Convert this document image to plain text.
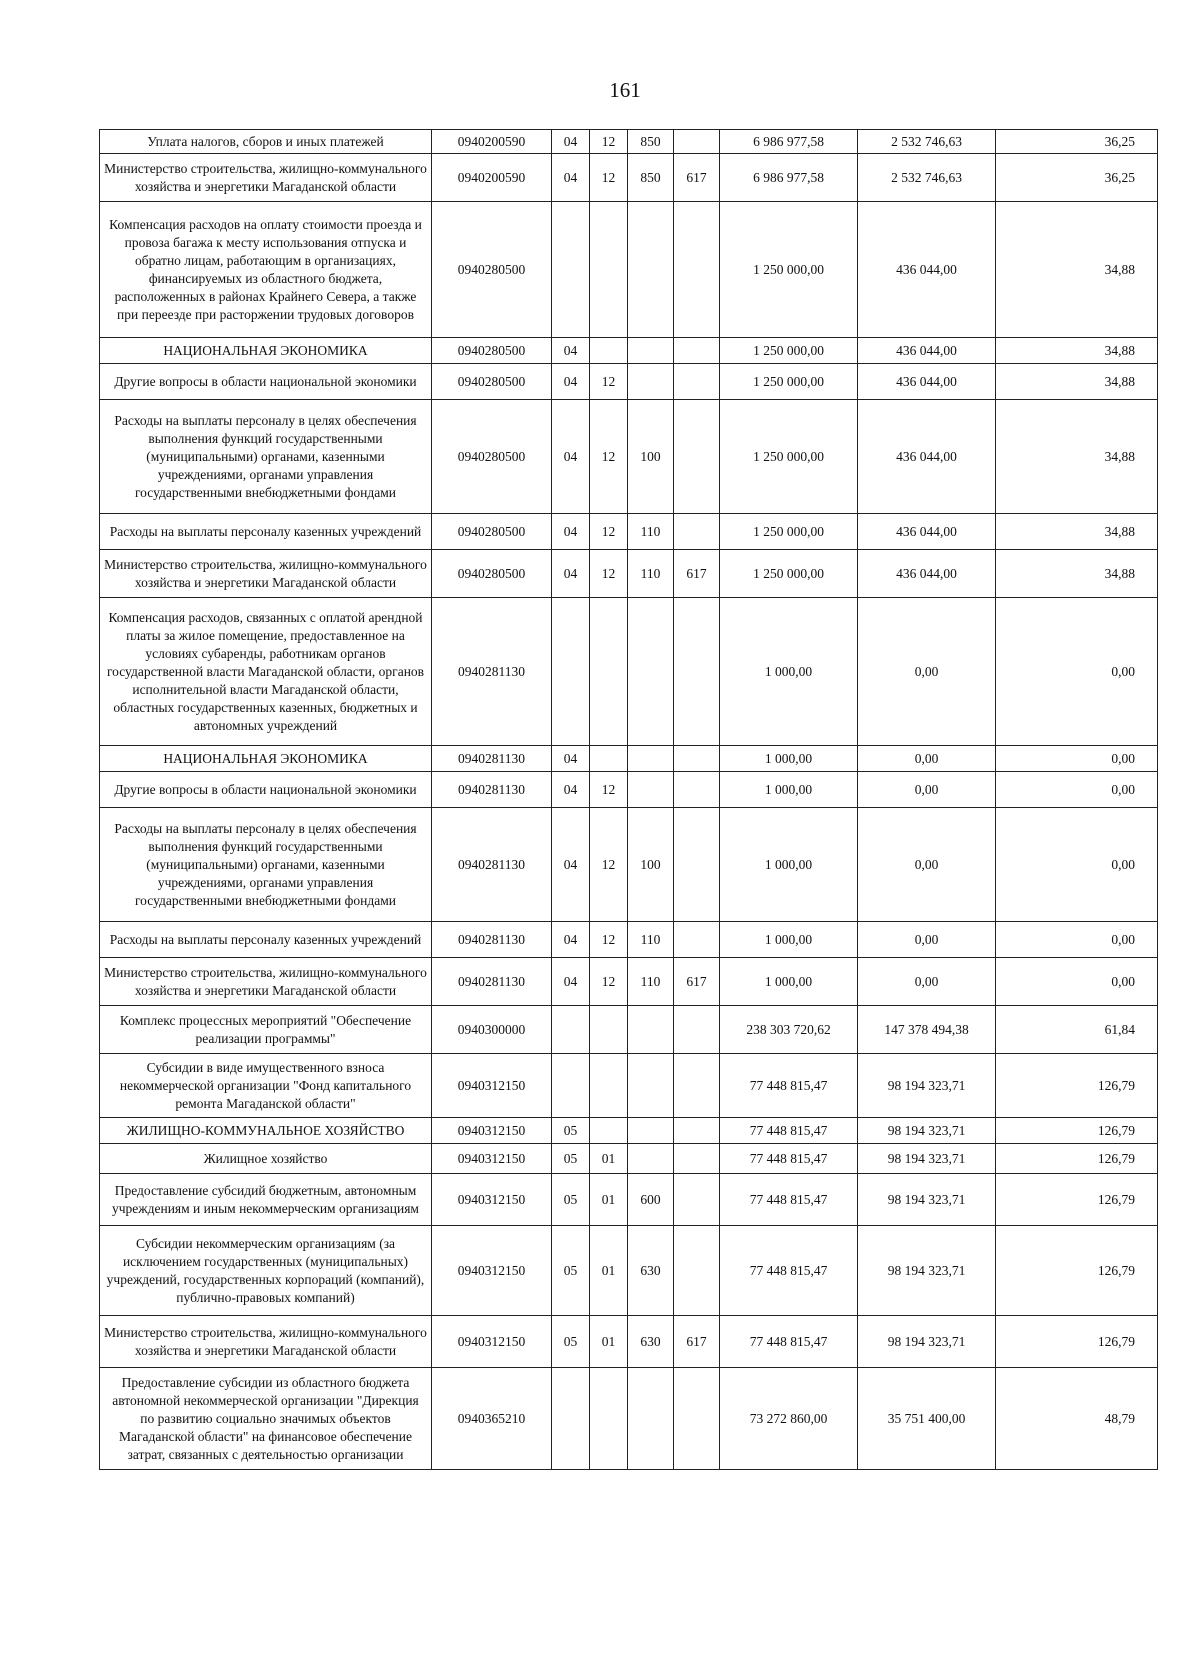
161
Уплата налогов, сборов и иных платежей	0940200590	04	12	850		6 986 977,58	2 532 746,63	36,25
Министерство строительства, жилищно-коммунального хозяйства и энергетики Магаданской области	0940200590	04	12	850	617	6 986 977,58	2 532 746,63	36,25
Компенсация расходов на оплату стоимости проезда и провоза багажа к месту использования отпуска и обратно лицам, работающим в организациях, финансируемых из областного бюджета, расположенных в районах Крайнего Севера, а также при переезде при расторжении трудовых договоров	0940280500					1 250 000,00	436 044,00	34,88
НАЦИОНАЛЬНАЯ ЭКОНОМИКА	0940280500	04				1 250 000,00	436 044,00	34,88
Другие вопросы в области национальной экономики	0940280500	04	12			1 250 000,00	436 044,00	34,88
Расходы на выплаты персоналу в целях обеспечения выполнения функций государственными (муниципальными) органами, казенными учреждениями, органами управления государственными внебюджетными фондами	0940280500	04	12	100		1 250 000,00	436 044,00	34,88
Расходы на выплаты персоналу казенных учреждений	0940280500	04	12	110		1 250 000,00	436 044,00	34,88
Министерство строительства, жилищно-коммунального хозяйства и энергетики Магаданской области	0940280500	04	12	110	617	1 250 000,00	436 044,00	34,88
Компенсация расходов, связанных с оплатой арендной платы за жилое помещение, предоставленное на условиях субаренды, работникам органов государственной власти Магаданской области, органов исполнительной власти Магаданской области, областных государственных казенных, бюджетных и автономных учреждений	0940281130					1 000,00	0,00	0,00
НАЦИОНАЛЬНАЯ ЭКОНОМИКА	0940281130	04				1 000,00	0,00	0,00
Другие вопросы в области национальной экономики	0940281130	04	12			1 000,00	0,00	0,00
Расходы на выплаты персоналу в целях обеспечения выполнения функций государственными (муниципальными) органами, казенными учреждениями, органами управления государственными внебюджетными фондами	0940281130	04	12	100		1 000,00	0,00	0,00
Расходы на выплаты персоналу казенных учреждений	0940281130	04	12	110		1 000,00	0,00	0,00
Министерство строительства, жилищно-коммунального хозяйства и энергетики Магаданской области	0940281130	04	12	110	617	1 000,00	0,00	0,00
Комплекс процессных мероприятий "Обеспечение реализации программы"	0940300000					238 303 720,62	147 378 494,38	61,84
Субсидии в виде имущественного взноса некоммерческой организации "Фонд капитального ремонта Магаданской области"	0940312150					77 448 815,47	98 194 323,71	126,79
ЖИЛИЩНО-КОММУНАЛЬНОЕ ХОЗЯЙСТВО	0940312150	05				77 448 815,47	98 194 323,71	126,79
Жилищное хозяйство	0940312150	05	01			77 448 815,47	98 194 323,71	126,79
Предоставление субсидий бюджетным, автономным учреждениям и иным некоммерческим организациям	0940312150	05	01	600		77 448 815,47	98 194 323,71	126,79
Субсидии некоммерческим организациям (за исключением государственных (муниципальных) учреждений, государственных корпораций (компаний), публично-правовых компаний)	0940312150	05	01	630		77 448 815,47	98 194 323,71	126,79
Министерство строительства, жилищно-коммунального хозяйства и энергетики Магаданской области	0940312150	05	01	630	617	77 448 815,47	98 194 323,71	126,79
Предоставление субсидии из областного бюджета автономной некоммерческой организации "Дирекция по развитию социально значимых объектов Магаданской области" на финансовое обеспечение затрат, связанных с деятельностью организации	0940365210					73 272 860,00	35 751 400,00	48,79
